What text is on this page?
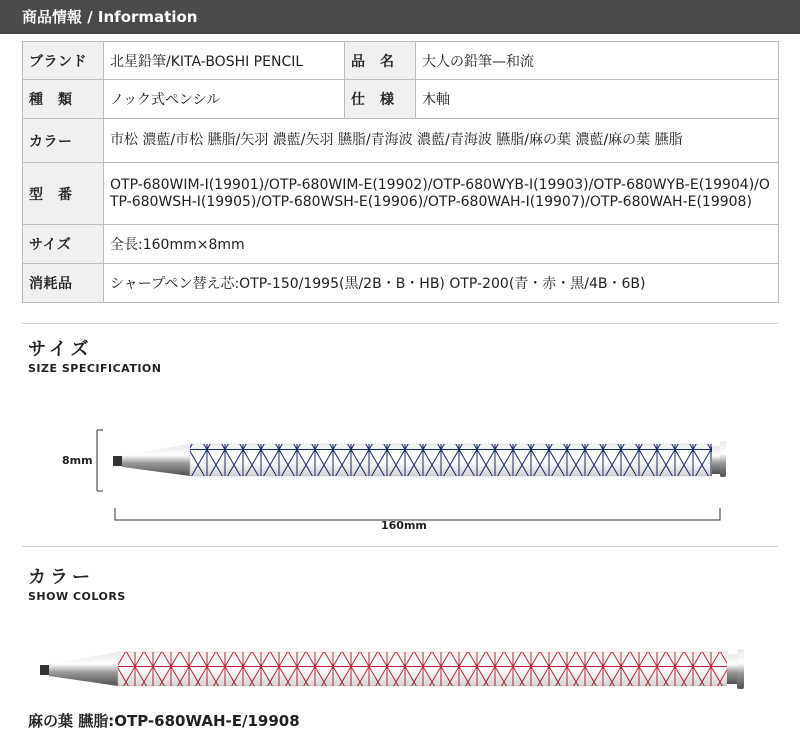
商品情報 / Information
ブランド	北星鉛筆/KITA-BOSHI PENCIL	品　名	大人の鉛筆—和流
種　類	ノック式ペンシル	仕　様	木軸
カラー	市松 濃藍/市松 臙脂/矢羽 濃藍/矢羽 臙脂/青海波 濃藍/青海波 臙脂/麻の葉 濃藍/麻の葉 臙脂		
型　番	OTP-680WIM-I(19901)/OTP-680WIM-E(19902)/OTP-680WYB-I(19903)/OTP-680WYB-E(19904)/OTP-680WSH-I(19905)/OTP-680WSH-E(19906)/OTP-680WAH-I(19907)/OTP-680WAH-E(19908)		
サイズ	全長:160mm×8mm		
消耗品	シャープペン替え芯:OTP-150/1995(黒/2B・B・HB) OTP-200(青・赤・黒/4B・6B)		
サイズ
SIZE SPECIFICATION
8mm
160mm
カラー
SHOW COLORS
麻の葉 臙脂:OTP-680WAH-E/19908
